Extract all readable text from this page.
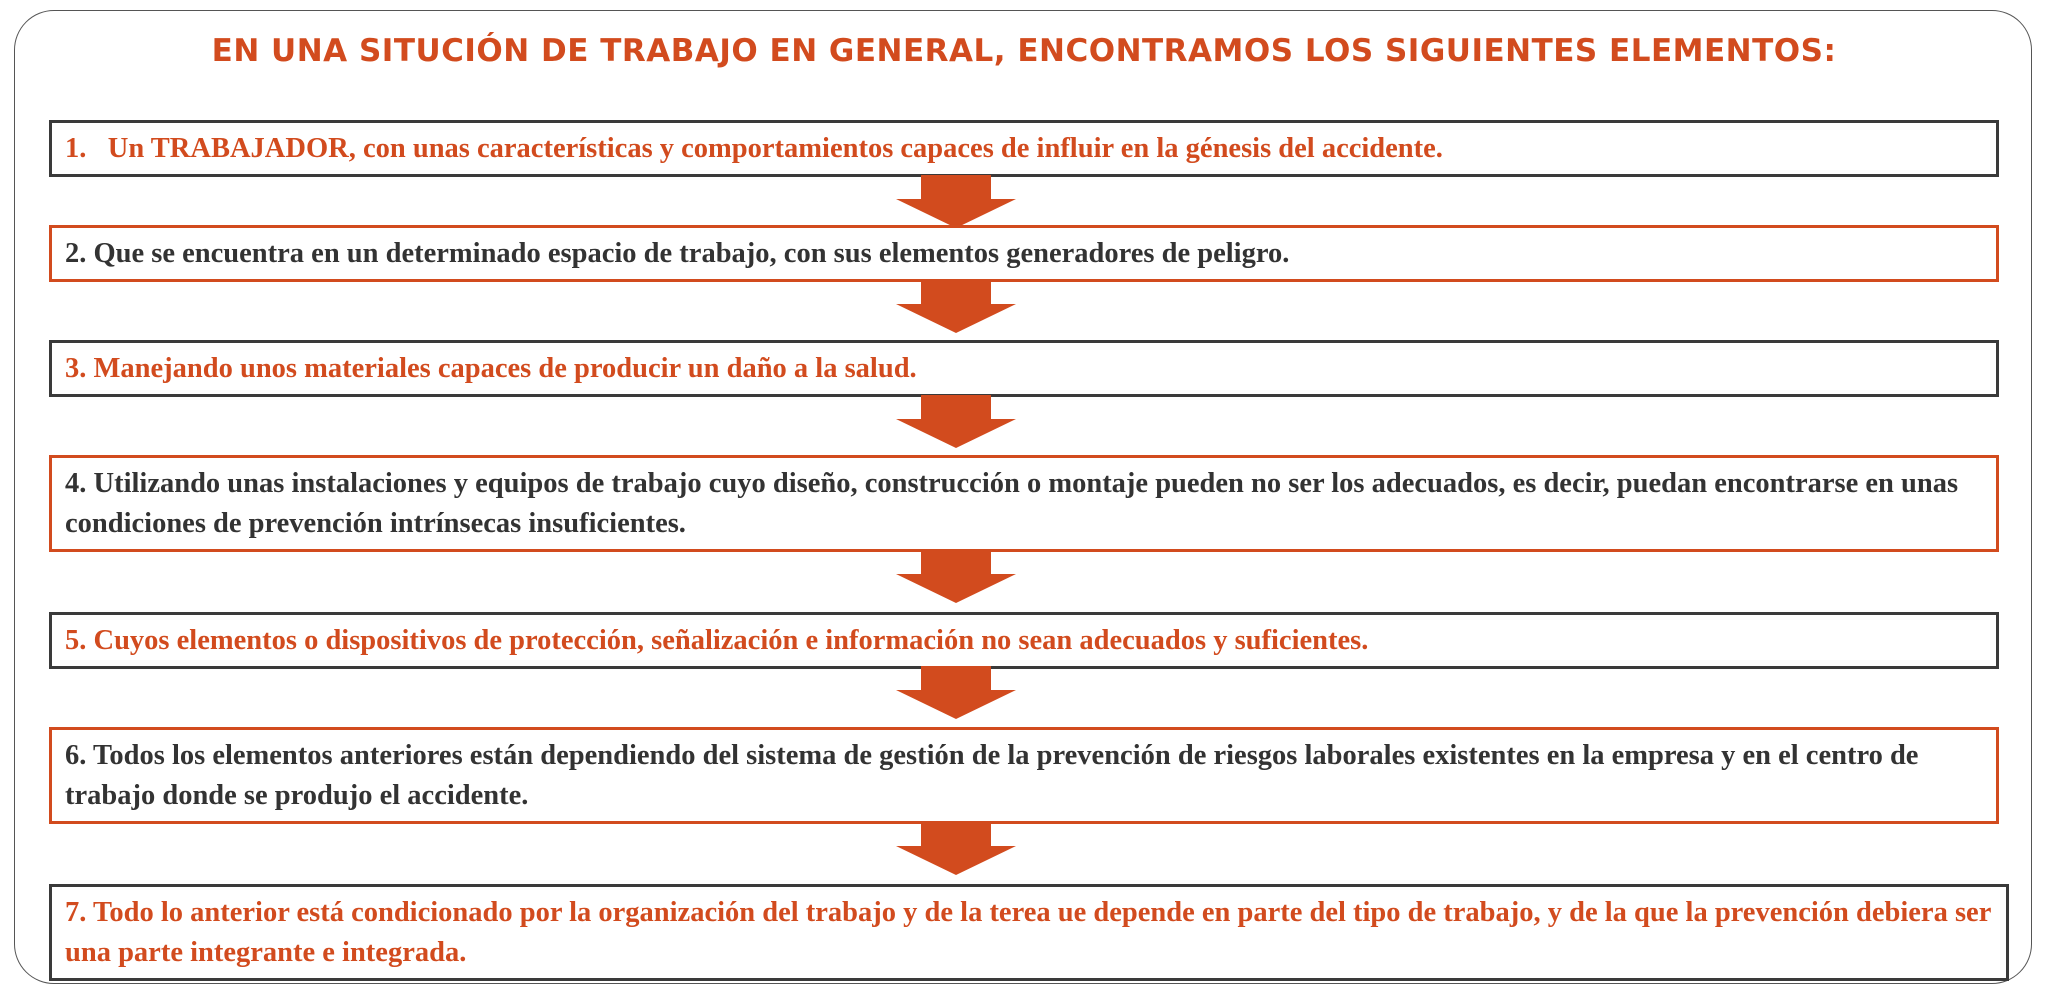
EN UNA SITUCIÓN DE TRABAJO EN GENERAL, ENCONTRAMOS LOS SIGUIENTES ELEMENTOS:
1.   Un TRABAJADOR, con unas características y comportamientos capaces de influir en la génesis del accidente.
2. Que se encuentra en un determinado espacio de trabajo, con sus elementos generadores de peligro.
3. Manejando unos materiales capaces de producir un daño a la salud.
4. Utilizando unas instalaciones y equipos de trabajo cuyo diseño, construcción o montaje pueden no ser los adecuados, es decir, puedan encontrarse en unas condiciones de prevención intrínsecas insuficientes.
5. Cuyos elementos o dispositivos de protección, señalización e información no sean adecuados y suficientes.
6. Todos los elementos anteriores están dependiendo del sistema de gestión de la prevención de riesgos laborales existentes en la empresa y en el centro de trabajo donde se produjo el accidente.
7. Todo lo anterior está condicionado por la organización del trabajo y de la terea ue depende en parte del tipo de trabajo, y de la que la prevención debiera ser una parte integrante e integrada.
